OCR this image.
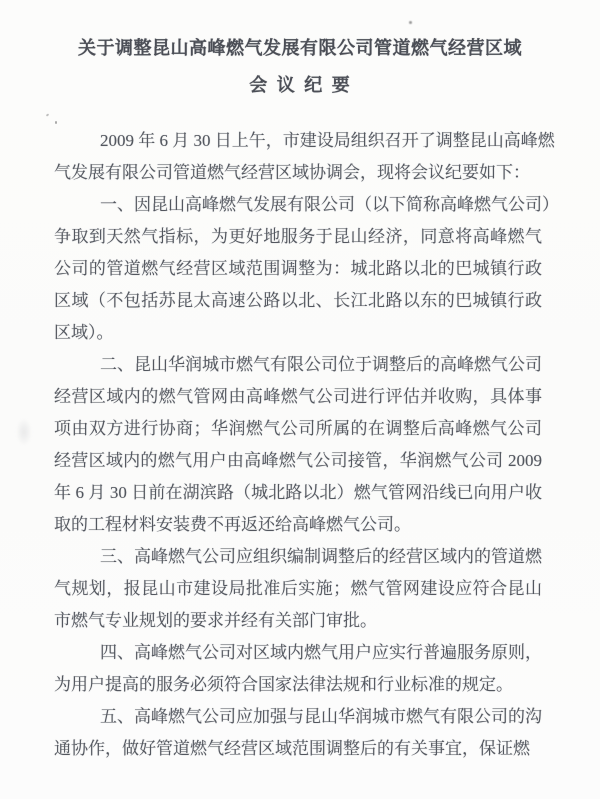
关于调整昆山高峰燃气发展有限公司管道燃气经营区域
会 议 纪 要
2009 年 6 月 30 日上午，市建设局组织召开了调整昆山高峰燃
气发展有限公司管道燃气经营区域协调会，现将会议纪要如下：
一、因昆山高峰燃气发展有限公司（以下简称高峰燃气公司）
争取到天然气指标，为更好地服务于昆山经济，同意将高峰燃气
公司的管道燃气经营区域范围调整为：城北路以北的巴城镇行政
区域（不包括苏昆太高速公路以北、长江北路以东的巴城镇行政
区域）。
二、昆山华润城市燃气有限公司位于调整后的高峰燃气公司
经营区域内的燃气管网由高峰燃气公司进行评估并收购，具体事
项由双方进行协商；华润燃气公司所属的在调整后高峰燃气公司
经营区域内的燃气用户由高峰燃气公司接管，华润燃气公司 2009
年 6 月 30 日前在湖滨路（城北路以北）燃气管网沿线已向用户收
取的工程材料安装费不再返还给高峰燃气公司。
三、高峰燃气公司应组织编制调整后的经营区域内的管道燃
气规划，报昆山市建设局批准后实施；燃气管网建设应符合昆山
市燃气专业规划的要求并经有关部门审批。
四、高峰燃气公司对区域内燃气用户应实行普遍服务原则，
为用户提高的服务必须符合国家法律法规和行业标准的规定。
五、高峰燃气公司应加强与昆山华润城市燃气有限公司的沟
通协作，做好管道燃气经营区域范围调整后的有关事宜，保证燃
